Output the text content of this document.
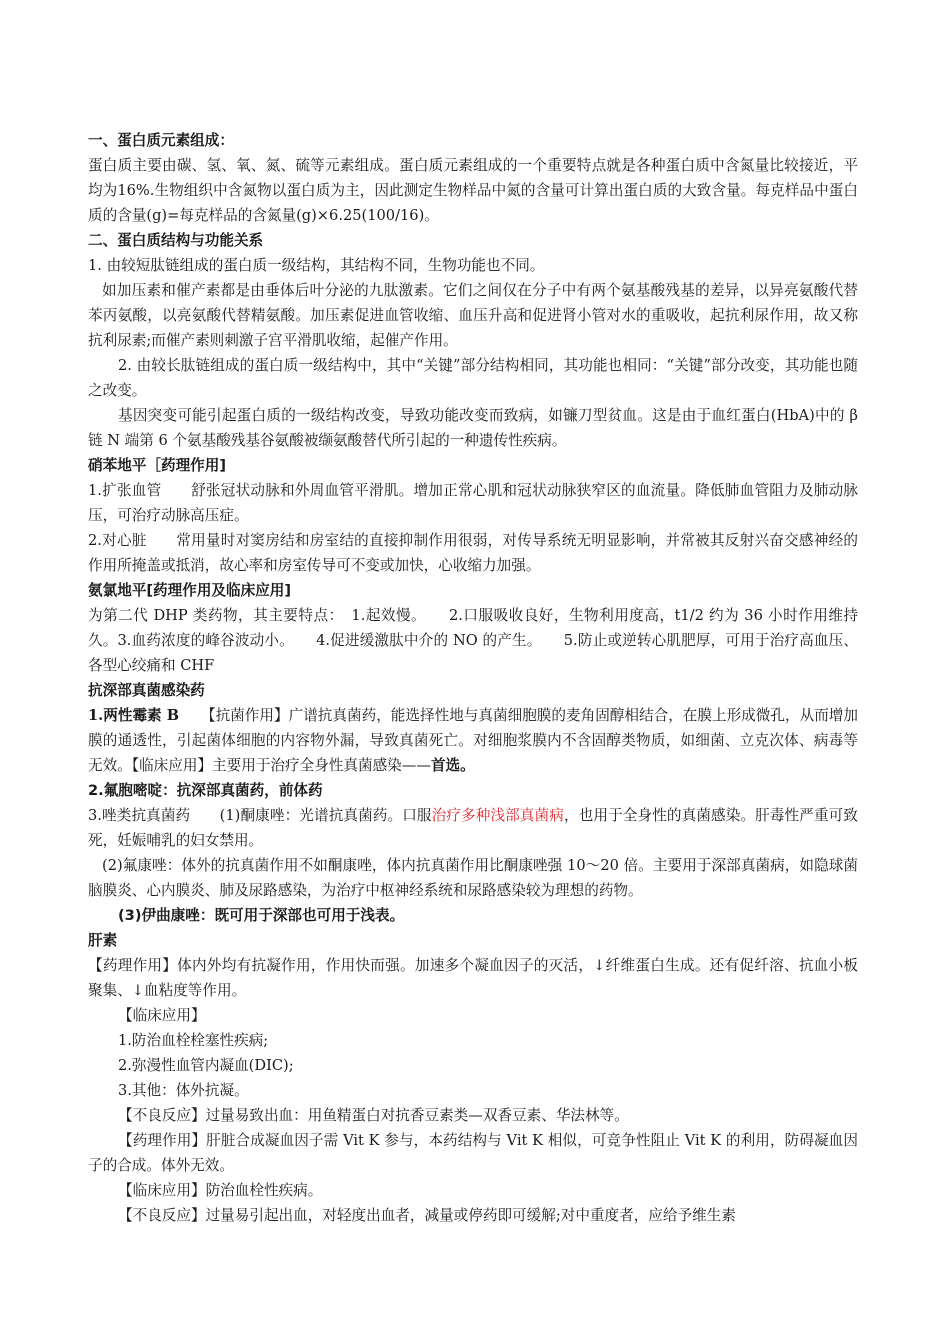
一、蛋白质元素组成：

蛋白质主要由碳、氢、氧、氮、硫等元素组成。蛋白质元素组成的一个重要特点就是各种蛋白质中含氮量比较接近，平均为16%.生物组织中含氮物以蛋白质为主，因此测定生物样品中氮的含量可计算出蛋白质的大致含量。每克样品中蛋白质的含量(g)=每克样品的含氮量(g)×6.25(100/16)。

二、蛋白质结构与功能关系

1. 由较短肽链组成的蛋白质一级结构，其结构不同，生物功能也不同。

如加压素和催产素都是由垂体后叶分泌的九肽激素。它们之间仅在分子中有两个氨基酸残基的差异，以异亮氨酸代替苯丙氨酸，以亮氨酸代替精氨酸。加压素促进血管收缩、血压升高和促进肾小管对水的重吸收，起抗利尿作用，故又称抗利尿素;而催产素则刺激子宫平滑肌收缩，起催产作用。

2. 由较长肽链组成的蛋白质一级结构中，其中“关键”部分结构相同，其功能也相同：“关键”部分改变，其功能也随之改变。

基因突变可能引起蛋白质的一级结构改变，导致功能改变而致病，如镰刀型贫血。这是由于血红蛋白(HbA)中的 β 链 N 端第 6 个氨基酸残基谷氨酸被缬氨酸替代所引起的一种遗传性疾病。

硝苯地平［药理作用]

1.扩张血管　　舒张冠状动脉和外周血管平滑肌。增加正常心肌和冠状动脉狭窄区的血流量。降低肺血管阻力及肺动脉压，可治疗动脉高压症。

2.对心脏　　常用量时对窦房结和房室结的直接抑制作用很弱，对传导系统无明显影响，并常被其反射兴奋交感神经的作用所掩盖或抵消，故心率和房室传导可不变或加快，心收缩力加强。

氨氯地平[药理作用及临床应用]

为第二代 DHP 类药物，其主要特点：　1.起效慢。　　2.口服吸收良好，生物利用度高，t1/2 约为 36 小时作用维持久。3.血药浓度的峰谷波动小。　　4.促进缓激肽中介的 NO 的产生。　　5.防止或逆转心肌肥厚，可用于治疗高血压、各型心绞痛和 CHF

抗深部真菌感染药

1.两性霉素 B　　【抗菌作用】广谱抗真菌药，能选择性地与真菌细胞膜的麦角固醇相结合，在膜上形成微孔，从而增加膜的通透性，引起菌体细胞的内容物外漏，导致真菌死亡。对细胞浆膜内不含固醇类物质，如细菌、立克次体、病毒等无效。【临床应用】主要用于治疗全身性真菌感染——首选。

2.氟胞嘧啶：抗深部真菌药，前体药

3.唑类抗真菌药　　(1)酮康唑：光谱抗真菌药。口服治疗多种浅部真菌病，也用于全身性的真菌感染。肝毒性严重可致死，妊娠哺乳的妇女禁用。

(2)氟康唑：体外的抗真菌作用不如酮康唑，体内抗真菌作用比酮康唑强 10～20 倍。主要用于深部真菌病，如隐球菌脑膜炎、心内膜炎、肺及尿路感染，为治疗中枢神经系统和尿路感染较为理想的药物。

(3)伊曲康唑：既可用于深部也可用于浅表。
肝素

【药理作用】体内外均有抗凝作用，作用快而强。加速多个凝血因子的灭活，↓纤维蛋白生成。还有促纤溶、抗血小板聚集、↓血粘度等作用。

【临床应用】

1.防治血栓栓塞性疾病;

2.弥漫性血管内凝血(DIC);

3.其他：体外抗凝。

【不良反应】过量易致出血：用鱼精蛋白对抗香豆素类—双香豆素、华法林等。

【药理作用】肝脏合成凝血因子需 Vit K 参与，本药结构与 Vit K 相似，可竞争性阻止 Vit K 的利用，防碍凝血因子的合成。体外无效。

【临床应用】防治血栓性疾病。

【不良反应】过量易引起出血，对轻度出血者，减量或停药即可缓解;对中重度者，应给予维生素
